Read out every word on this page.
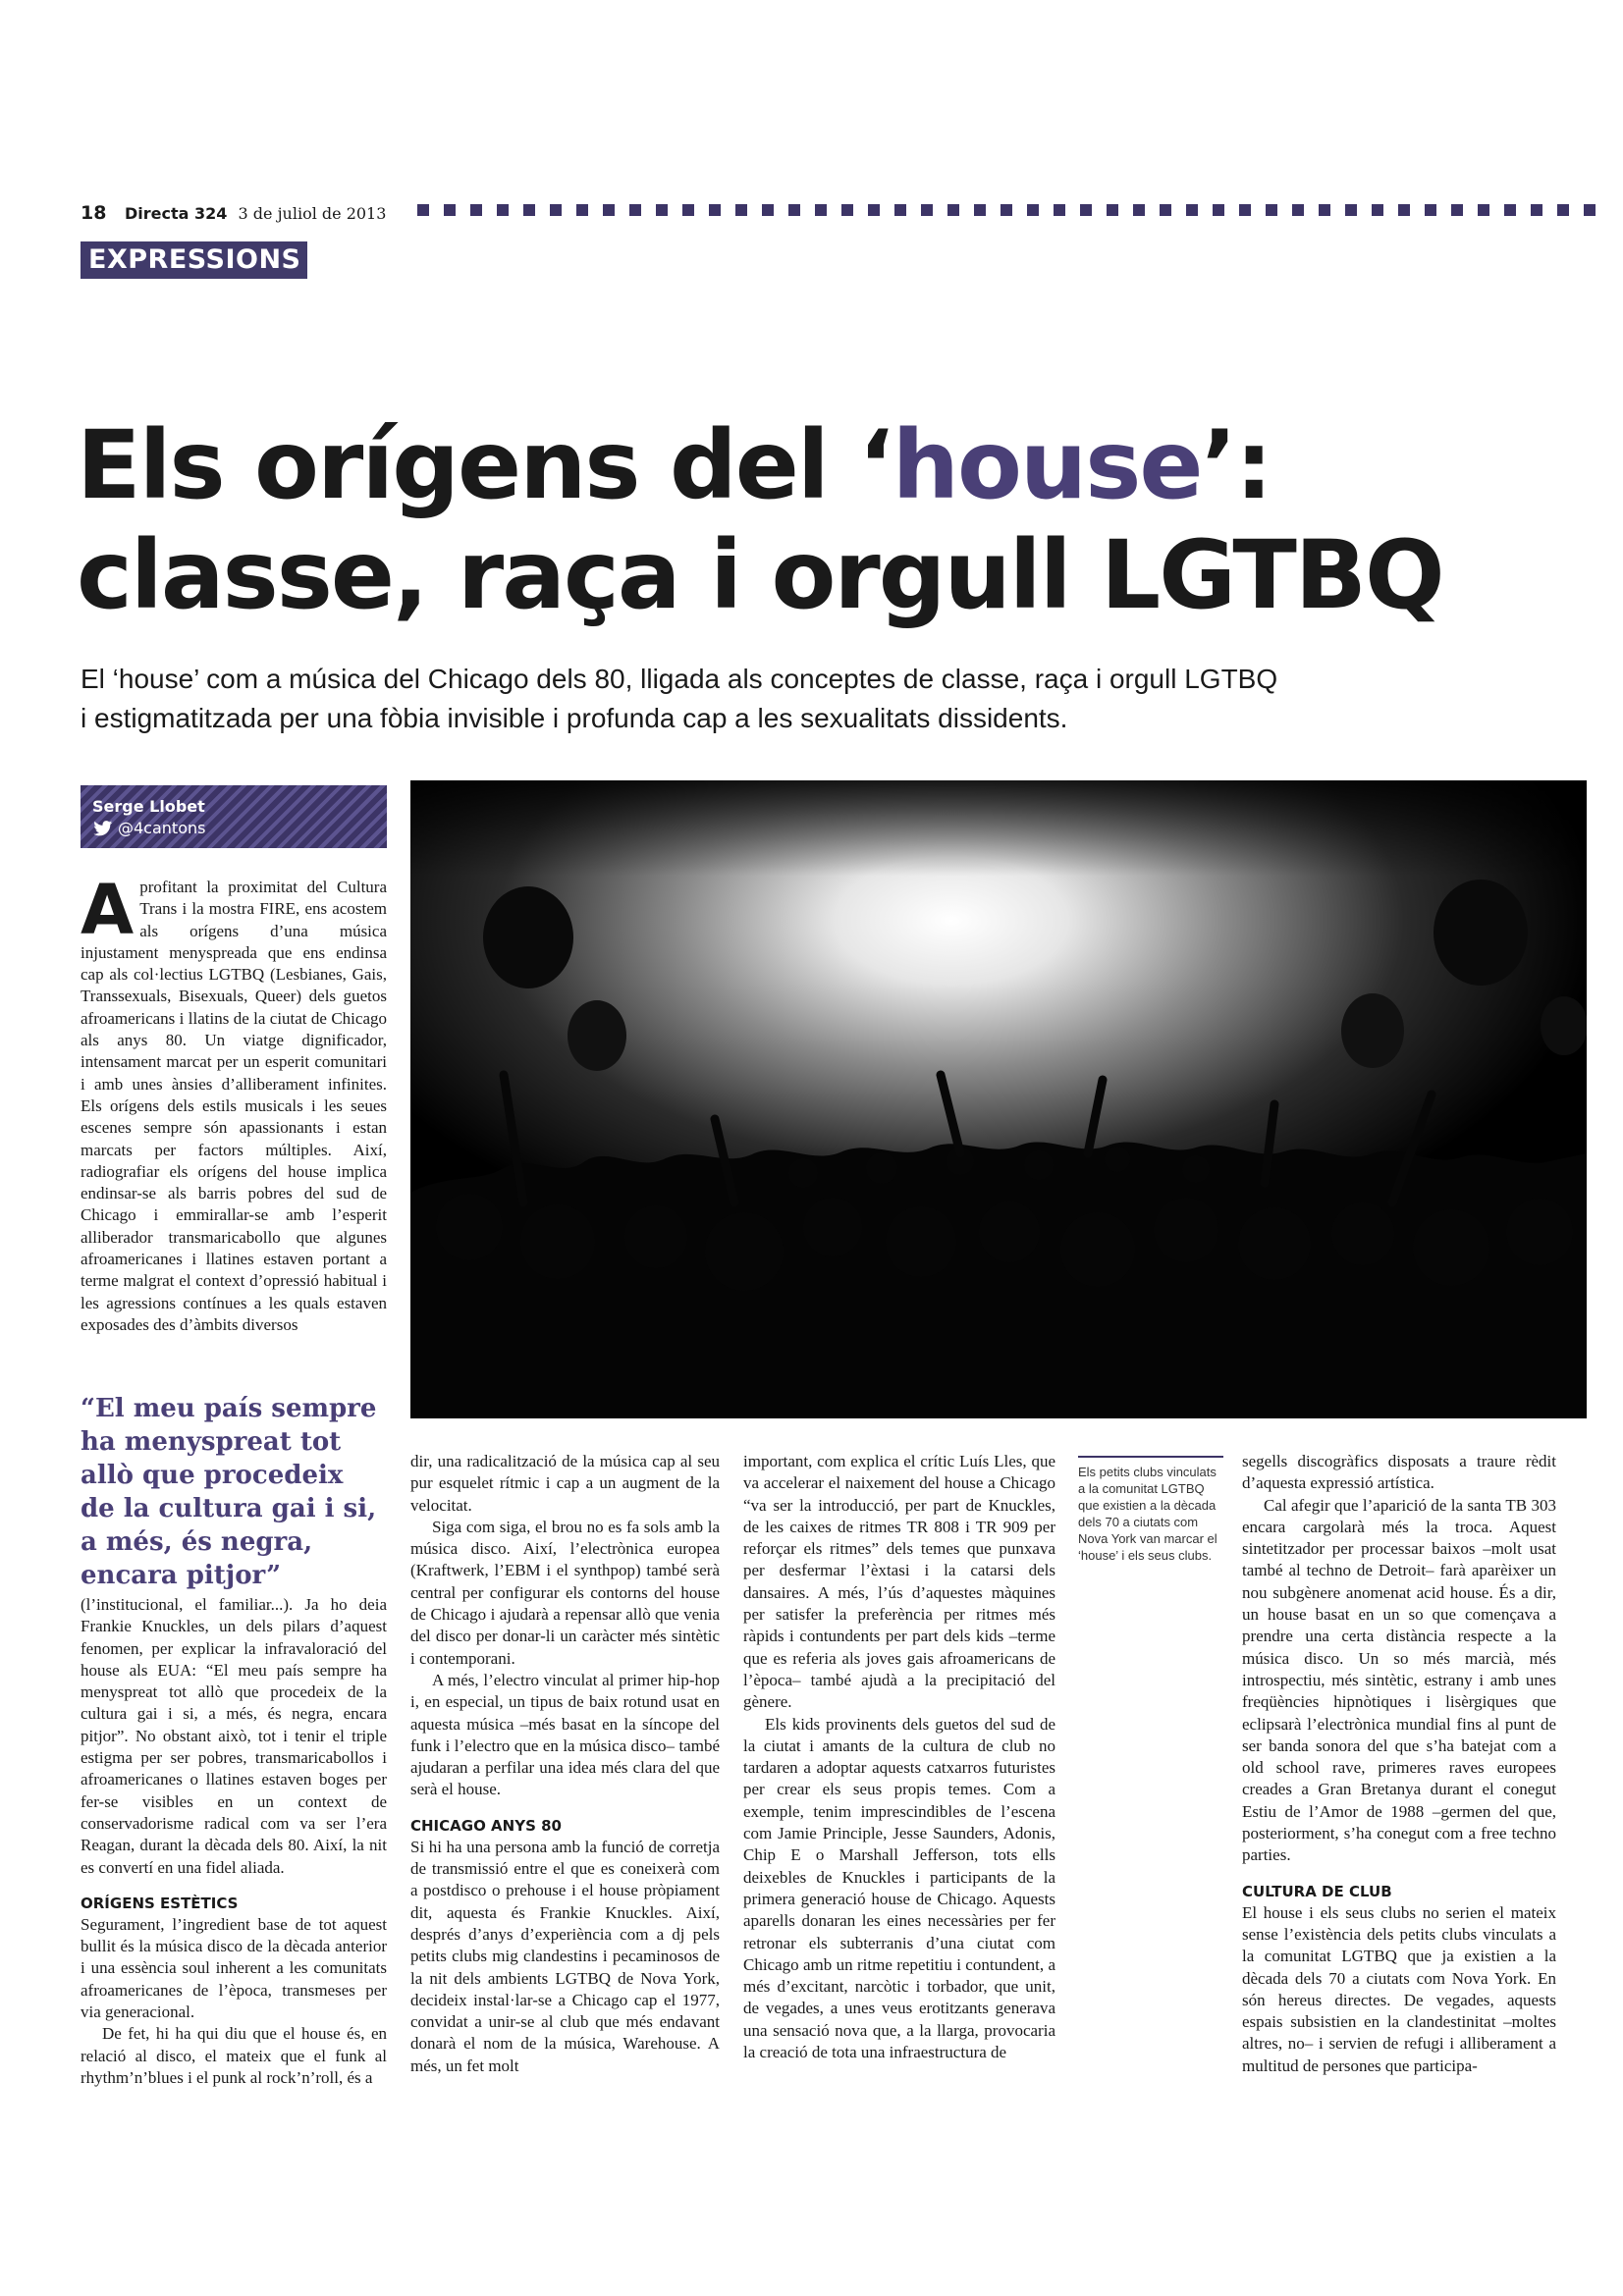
18 Directa 324 3 de juliol de 2013
EXPRESSIONS
Els orígens del ‘house’:
classe, raça i orgull LGTBQ
El ‘house’ com a música del Chicago dels 80, lligada als conceptes de classe, raça i orgull LGTBQ
i estigmatitzada per una fòbia invisible i profunda cap a les sexualitats dissidents.
Serge Llobet
@4cantons

Aprofitant la proximitat del Cultura Trans i la mostra FIRE, ens acostem als orígens d’una música injustament menyspreada que ens endinsa cap als col·lectius LGTBQ (Lesbianes, Gais, Transsexuals, Bisexuals, Queer) dels guetos afroamericans i llatins de la ciutat de Chicago als anys 80. Un viatge dignificador, intensament marcat per un esperit comunitari i amb unes ànsies d’alliberament infinites. Els orígens dels estils musicals i les seues escenes sempre són apassionants i estan marcats per factors múltiples. Així, radiografiar els orígens del house implica endinsar-se als barris pobres del sud de Chicago i emmirallar-se amb l’esperit alliberador transmaricabollo que algunes afroamericanes i llatines estaven portant a terme malgrat el context d’opressió habitual i les agressions contínues a les quals estaven exposades des d’àmbits diversos

“El meu país sempre ha menyspreat tot allò que procedeix de la cultura gai i si, a més, és negra, encara pitjor”

(l’institucional, el familiar...). Ja ho deia Frankie Knuckles, un dels pilars d’aquest fenomen, per explicar la infravaloració del house als EUA: “El meu país sempre ha menyspreat tot allò que procedeix de la cultura gai i si, a més, és negra, encara pitjor”. No obstant això, tot i tenir el triple estigma per ser pobres, transmaricabollos i afroamericanes o llatines estaven boges per fer-se visibles en un context de conservadorisme radical com va ser l’era Reagan, durant la dècada dels 80. Així, la nit es convertí en una fidel aliada.

ORÍGENS ESTÈTICS

Segurament, l’ingredient base de tot aquest bullit és la música disco de la dècada anterior i una essència soul inherent a les comunitats afroamericanes de l’època, transmeses per via generacional.

De fet, hi ha qui diu que el house és, en relació al disco, el mateix que el funk al rhythm’n’blues i el punk al rock’n’roll, és a

dir, una radicalització de la música cap al seu pur esquelet rítmic i cap a un augment de la velocitat.

Siga com siga, el brou no es fa sols amb la música disco. Així, l’electrònica europea (Kraftwerk, l’EBM i el synthpop) també serà central per configurar els contorns del house de Chicago i ajudarà a repensar allò que venia del disco per donar-li un caràcter més sintètic i contemporani.

A més, l’electro vinculat al primer hip-hop i, en especial, un tipus de baix rotund usat en aquesta música –més basat en la síncope del funk i l’electro que en la música disco– també ajudaran a perfilar una idea més clara del que serà el house.

CHICAGO ANYS 80

Si hi ha una persona amb la funció de corretja de transmissió entre el que es coneixerà com a postdisco o prehouse i el house pròpiament dit, aquesta és Frankie Knuckles. Així, després d’anys d’experiència com a dj pels petits clubs mig clandestins i pecaminosos de la nit dels ambients LGTBQ de Nova York, decideix instal·lar-se a Chicago cap el 1977, convidat a unir-se al club que més endavant donarà el nom de la música, Warehouse. A més, un fet molt

important, com explica el crític Luís Lles, que va accelerar el naixement del house a Chicago “va ser la introducció, per part de Knuckles, de les caixes de ritmes TR 808 i TR 909 per reforçar els ritmes” dels temes que punxava per desfermar l’èxtasi i la catarsi dels dansaires. A més, l’ús d’aquestes màquines per satisfer la preferència per ritmes més ràpids i contundents per part dels kids –terme que es referia als joves gais afroamericans de l’època– també ajudà a la precipitació del gènere.

Els kids provinents dels guetos del sud de la ciutat i amants de la cultura de club no tardaren a adoptar aquests catxarros futuristes per crear els seus propis temes. Com a exemple, tenim imprescindibles de l’escena com Jamie Principle, Jesse Saunders, Adonis, Chip E o Marshall Jefferson, tots ells deixebles de Knuckles i participants de la primera generació house de Chicago. Aquests aparells donaran les eines necessàries per fer retronar els subterranis d’una ciutat com Chicago amb un ritme repetitiu i contundent, a més d’excitant, narcòtic i torbador, que unit, de vegades, a unes veus erotitzants generava una sensació nova que, a la llarga, provocaria la creació de tota una infraestructura de

Els petits clubs vinculats a la comunitat LGTBQ que existien a la dècada dels 70 a ciutats com Nova York van marcar el ‘house’ i els seus clubs.

segells discogràfics disposats a traure rèdit d’aquesta expressió artística.

Cal afegir que l’aparició de la santa TB 303 encara cargolarà més la troca. Aquest sintetitzador per processar baixos –molt usat també al techno de Detroit– farà aparèixer un nou subgènere anomenat acid house. És a dir, un house basat en un so que començava a prendre una certa distància respecte a la música disco. Un so més marcià, més introspectiu, més sintètic, estrany i amb unes freqüències hipnòtiques i lisèrgiques que eclipsarà l’electrònica mundial fins al punt de ser banda sonora del que s’ha batejat com a old school rave, primeres raves europees creades a Gran Bretanya durant el conegut Estiu de l’Amor de 1988 –germen del que, posteriorment, s’ha conegut com a free techno parties.

CULTURA DE CLUB

El house i els seus clubs no serien el mateix sense l’existència dels petits clubs vinculats a la comunitat LGTBQ que ja existien a la dècada dels 70 a ciutats com Nova York. En són hereus directes. De vegades, aquests espais subsistien en la clandestinitat –moltes altres, no– i servien de refugi i alliberament a multitud de persones que participa-
